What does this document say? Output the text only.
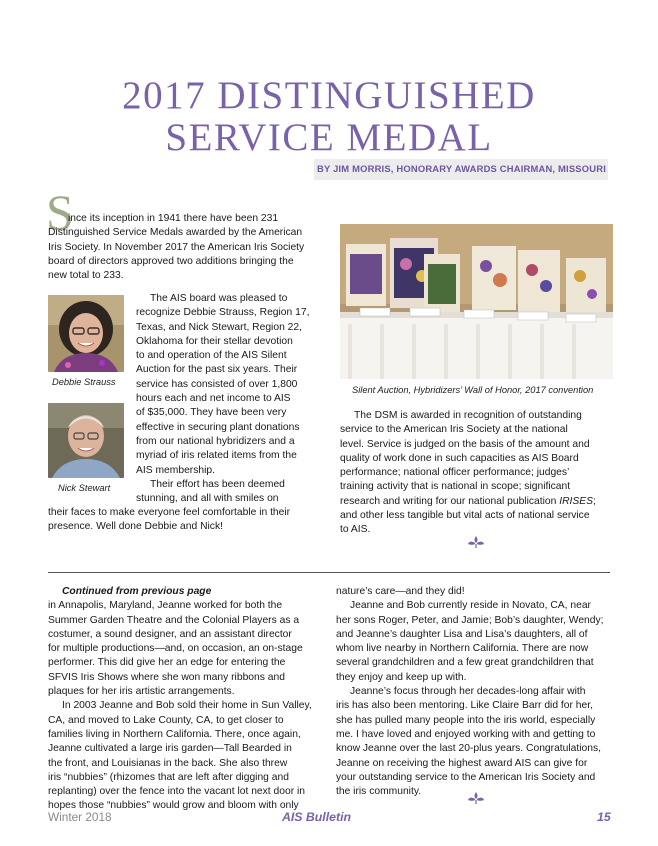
2017 DISTINGUISHED
SERVICE MEDAL
BY JIM MORRIS, HONORARY AWARDS CHAIRMAN, MISSOURI
S
ince its inception in 1941 there have been 231
Distinguished Service Medals awarded by the American
Iris Society. In November 2017 the American Iris Society
board of directors approved two additions bringing the
new total to 233.
Debbie Strauss
Nick Stewart
The AIS board was pleased to
recognize Debbie Strauss, Region 17,
Texas, and Nick Stewart, Region 22,
Oklahoma for their stellar devotion
to and operation of the AIS Silent
Auction for the past six years. Their
service has consisted of over 1,800
hours each and net income to AIS
of $35,000. They have been very
effective in securing plant donations
from our national hybridizers and a
myriad of iris related items from the
AIS membership.
Their effort has been deemed
stunning, and all with smiles on
their faces to make everyone feel comfortable in their
presence. Well done Debbie and Nick!
Silent Auction, Hybridizers’ Wall of Honor, 2017 convention
The DSM is awarded in recognition of outstanding
service to the American Iris Society at the national
level. Service is judged on the basis of the amount and
quality of work done in such capacities as AIS Board
performance; national officer performance; judges’
training activity that is national in scope; significant
research and writing for our national publication IRISES;
and other less tangible but vital acts of national service
to AIS.
Continued from previous page
in Annapolis, Maryland, Jeanne worked for both the
Summer Garden Theatre and the Colonial Players as a
costumer, a sound designer, and an assistant director
for multiple productions—and, on occasion, an on-stage
performer. This did give her an edge for entering the
SFVIS Iris Shows where she won many ribbons and
plaques for her iris artistic arrangements.
In 2003 Jeanne and Bob sold their home in Sun Valley,
CA, and moved to Lake County, CA, to get closer to
families living in Northern California. There, once again,
Jeanne cultivated a large iris garden—Tall Bearded in
the front, and Louisianas in the back. She also threw
iris “nubbies” (rhizomes that are left after digging and
replanting) over the fence into the vacant lot next door in
hopes those “nubbies” would grow and bloom with only
nature’s care—and they did!
Jeanne and Bob currently reside in Novato, CA, near
her sons Roger, Peter, and Jamie; Bob’s daughter, Wendy;
and Jeanne’s daughter Lisa and Lisa’s daughters, all of
whom live nearby in Northern California. There are now
several grandchildren and a few great grandchildren that
they enjoy and keep up with.
Jeanne’s focus through her decades-long affair with
iris has also been mentoring. Like Claire Barr did for her,
she has pulled many people into the iris world, especially
me. I have loved and enjoyed working with and getting to
know Jeanne over the last 20-plus years. Congratulations,
Jeanne on receiving the highest award AIS can give for
your outstanding service to the American Iris Society and
the iris community.
Winter 2018	AIS Bulletin	15
